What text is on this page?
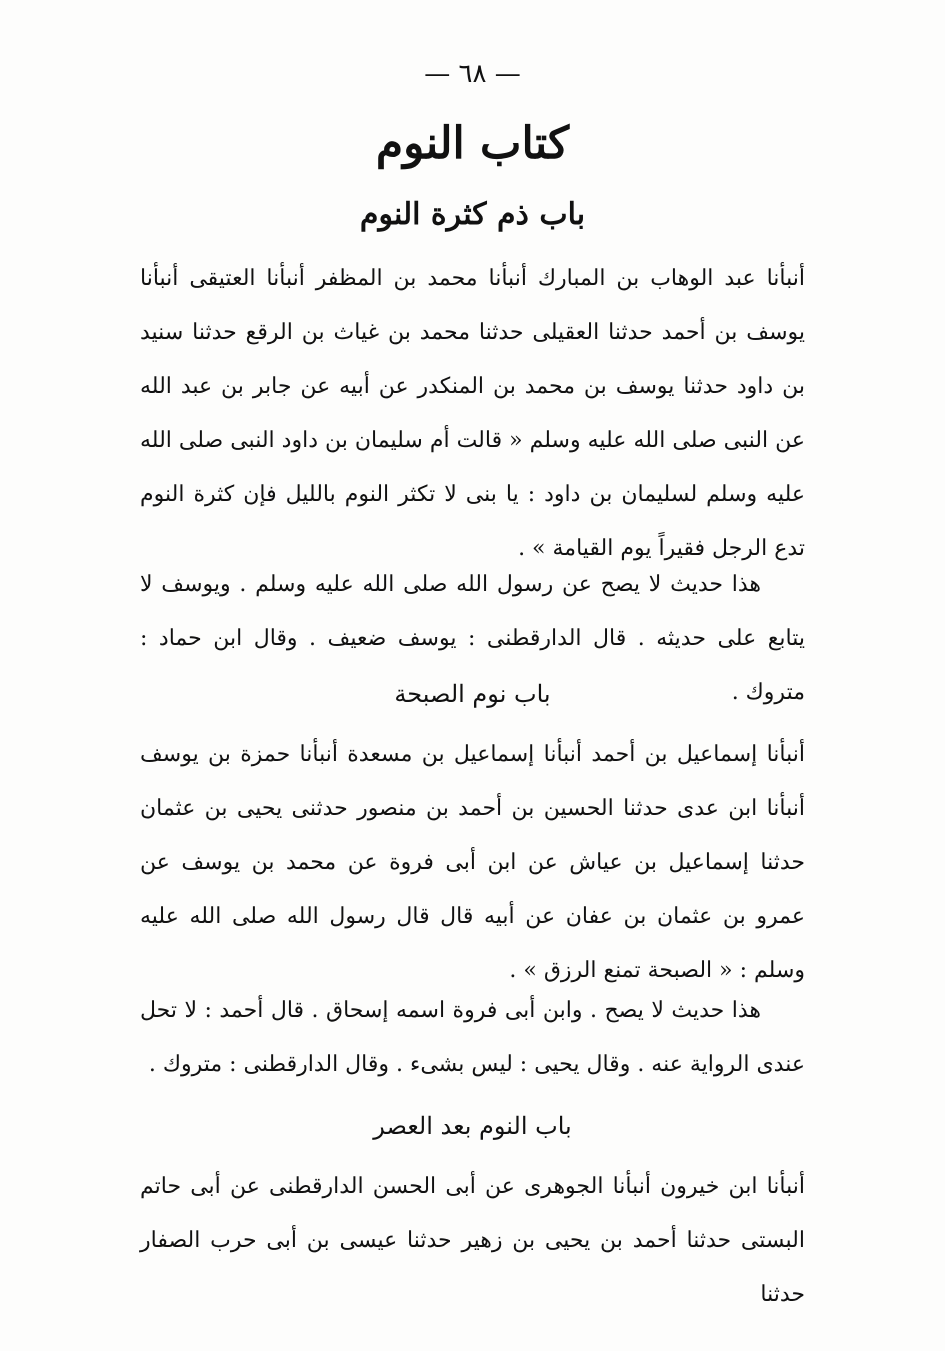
— ٦٨ —
كتاب النوم
باب ذم كثرة النوم
أنبأنا عبد الوهاب بن المبارك أنبأنا محمد بن المظفر أنبأنا العتيقى أنبأنا يوسف بن أحمد حدثنا العقيلى حدثنا محمد بن غياث بن الرقع حدثنا سنيد بن داود حدثنا يوسف بن محمد بن المنكدر عن أبيه عن جابر بن عبد الله عن النبى صلى الله عليه وسلم « قالت أم سليمان بن داود النبى صلى الله عليه وسلم لسليمان بن داود : يا بنى لا تكثر النوم بالليل فإن كثرة النوم تدع الرجل فقيراً يوم القيامة » .
هذا حديث لا يصح عن رسول الله صلى الله عليه وسلم . ويوسف لا يتابع على حديثه . قال الدارقطنى : يوسف ضعيف . وقال ابن حماد : متروك .
باب نوم الصبحة
أنبأنا إسماعيل بن أحمد أنبأنا إسماعيل بن مسعدة أنبأنا حمزة بن يوسف أنبأنا ابن عدى حدثنا الحسين بن أحمد بن منصور حدثنى يحيى بن عثمان حدثنا إسماعيل بن عياش عن ابن أبى فروة عن محمد بن يوسف عن عمرو بن عثمان بن عفان عن أبيه قال قال رسول الله صلى الله عليه وسلم : « الصبحة تمنع الرزق » .
هذا حديث لا يصح . وابن أبى فروة اسمه إسحاق . قال أحمد : لا تحل عندى الرواية عنه . وقال يحيى : ليس بشىء . وقال الدارقطنى : متروك .
باب النوم بعد العصر
أنبأنا ابن خيرون أنبأنا الجوهرى عن أبى الحسن الدارقطنى عن أبى حاتم البستى حدثنا أحمد بن يحيى بن زهير حدثنا عيسى بن أبى حرب الصفار حدثنا
